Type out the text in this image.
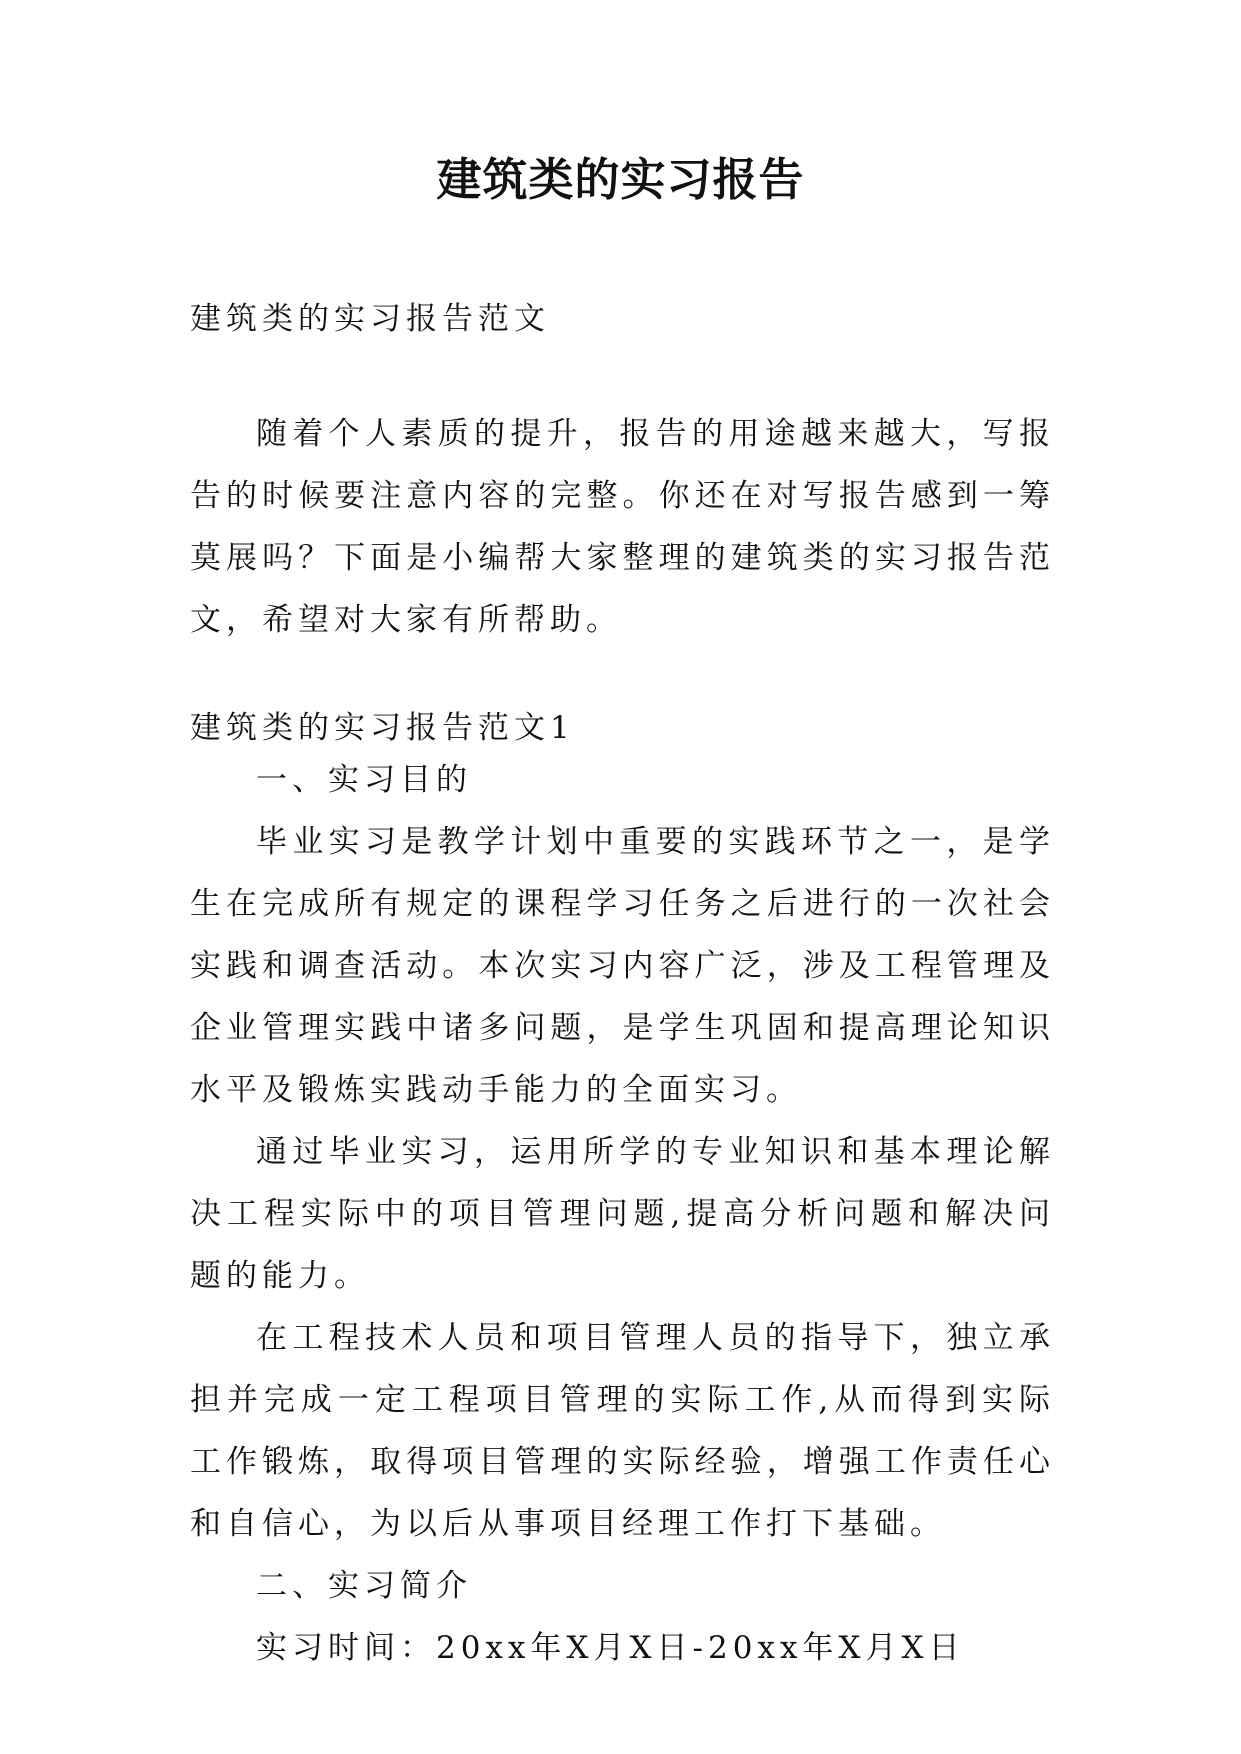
建筑类的实习报告

建筑类的实习报告范文

随着个人素质的提升，报告的用途越来越大，写报告的时候要注意内容的完整。你还在对写报告感到一筹莫展吗？下面是小编帮大家整理的建筑类的实习报告范文，希望对大家有所帮助。

建筑类的实习报告范文1

一、实习目的

毕业实习是教学计划中重要的实践环节之一，是学生在完成所有规定的课程学习任务之后进行的一次社会实践和调查活动。本次实习内容广泛，涉及工程管理及企业管理实践中诸多问题，是学生巩固和提高理论知识水平及锻炼实践动手能力的全面实习。

通过毕业实习，运用所学的专业知识和基本理论解决工程实际中的项目管理问题,提高分析问题和解决问题的能力。

在工程技术人员和项目管理人员的指导下，独立承担并完成一定工程项目管理的实际工作,从而得到实际工作锻炼，取得项目管理的实际经验，增强工作责任心和自信心，为以后从事项目经理工作打下基础。

二、实习简介

实习时间：20xx年X月X日-20xx年X月X日
